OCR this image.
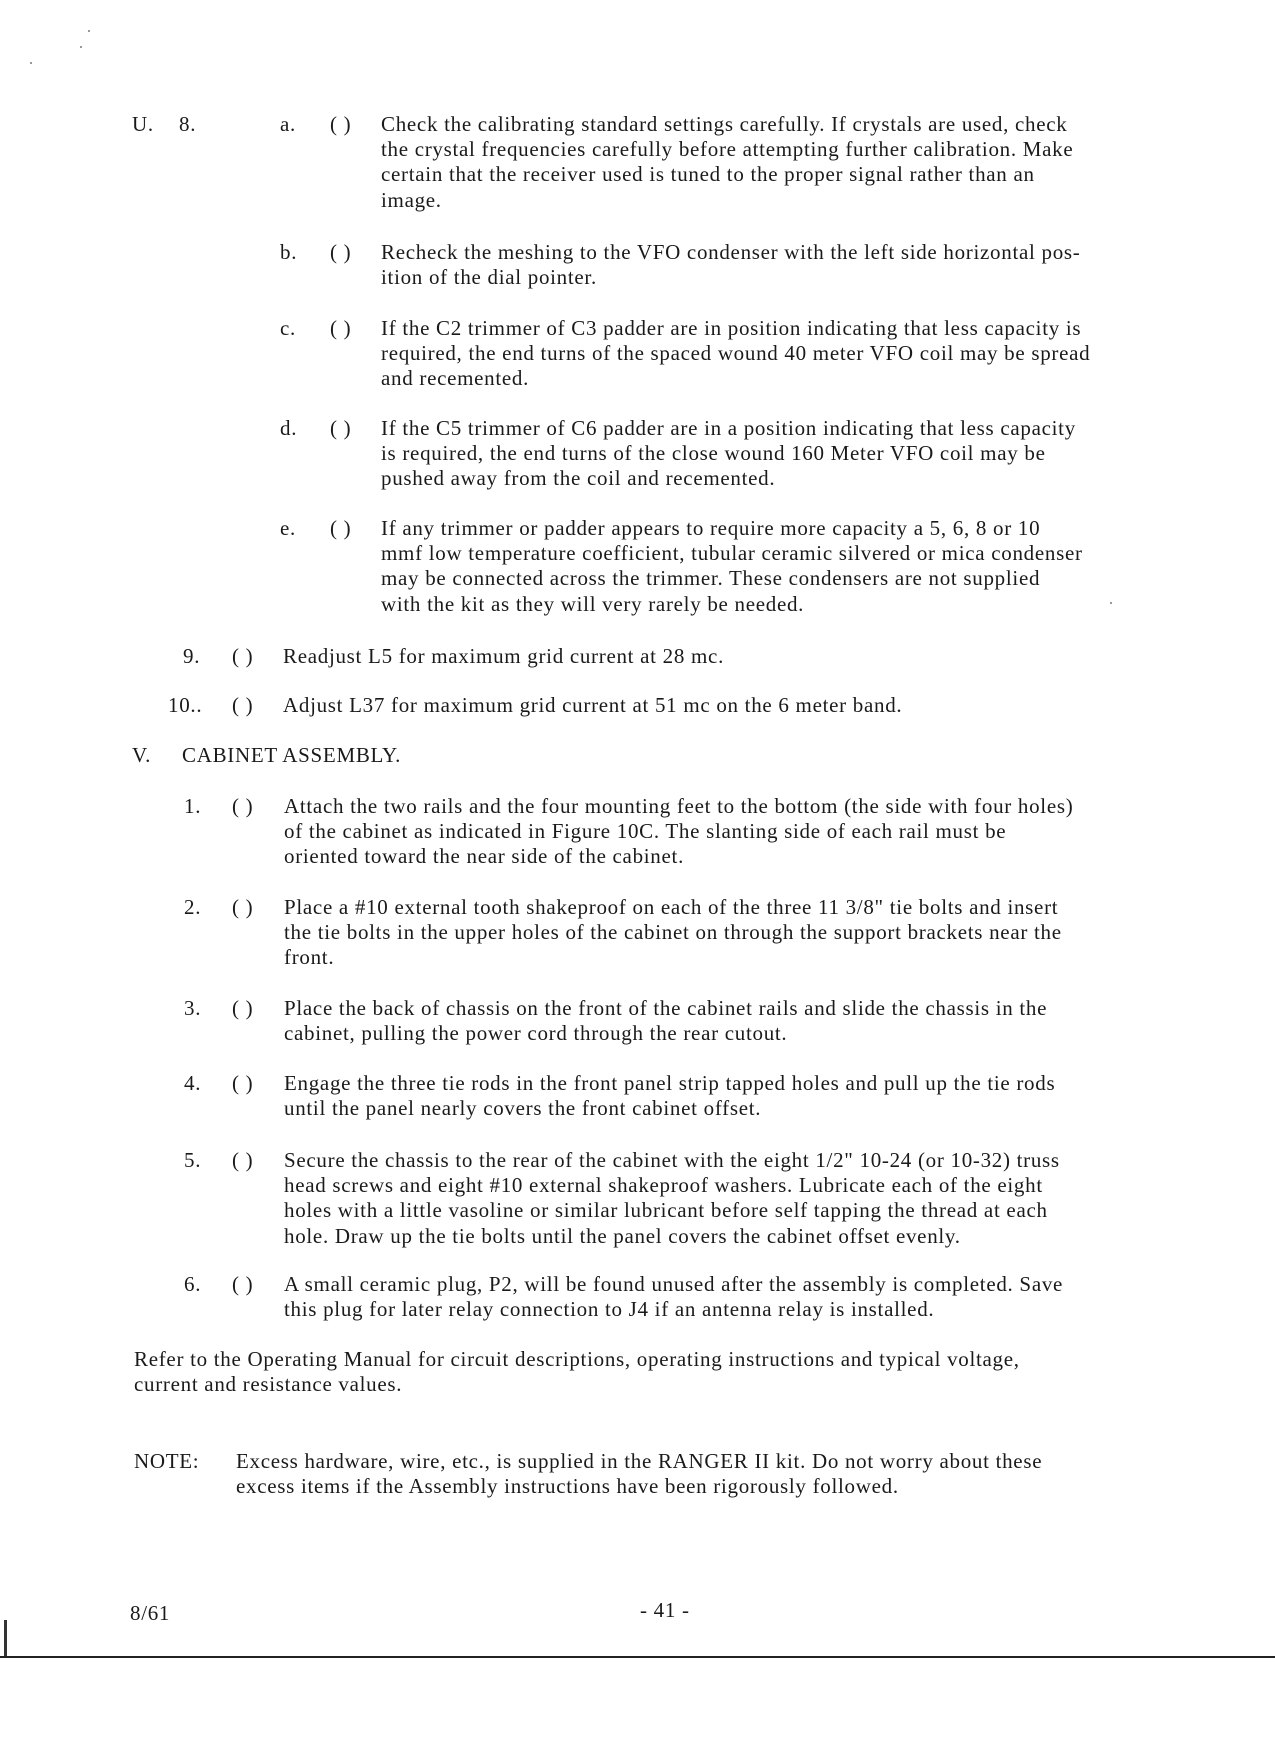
U. 8.	a. ( ) Check the calibrating standard settings carefully. If crystals are used, check
the crystal frequencies carefully before attempting further calibration. Make
certain that the receiver used is tuned to the proper signal rather than an
image.
b. ( ) Recheck the meshing to the VFO condenser with the left side horizontal pos-
ition of the dial pointer.
c. ( ) If the C2 trimmer of C3 padder are in position indicating that less capacity is
required, the end turns of the spaced wound 40 meter VFO coil may be spread
and recemented.
d. ( ) If the C5 trimmer of C6 padder are in a position indicating that less capacity
is required, the end turns of the close wound 160 Meter VFO coil may be
pushed away from the coil and recemented.
e. ( ) If any trimmer or padder appears to require more capacity a 5, 6, 8 or 10
mmf low temperature coefficient, tubular ceramic silvered or mica condenser
may be connected across the trimmer. These condensers are not supplied
with the kit as they will very rarely be needed.
9. ( ) Readjust L5 for maximum grid current at 28 mc.
10.. ( ) Adjust L37 for maximum grid current at 51 mc on the 6 meter band.
V. CABINET ASSEMBLY.
1. ( ) Attach the two rails and the four mounting feet to the bottom (the side with four holes)
of the cabinet as indicated in Figure 10C. The slanting side of each rail must be
oriented toward the near side of the cabinet.
2. ( ) Place a #10 external tooth shakeproof on each of the three 11 3/8" tie bolts and insert
the tie bolts in the upper holes of the cabinet on through the support brackets near the
front.
3. ( ) Place the back of chassis on the front of the cabinet rails and slide the chassis in the
cabinet, pulling the power cord through the rear cutout.
4. ( ) Engage the three tie rods in the front panel strip tapped holes and pull up the tie rods
until the panel nearly covers the front cabinet offset.
5. ( ) Secure the chassis to the rear of the cabinet with the eight 1/2" 10-24 (or 10-32) truss
head screws and eight #10 external shakeproof washers. Lubricate each of the eight
holes with a little vasoline or similar lubricant before self tapping the thread at each
hole. Draw up the tie bolts until the panel covers the cabinet offset evenly.
6. ( ) A small ceramic plug, P2, will be found unused after the assembly is completed. Save
this plug for later relay connection to J4 if an antenna relay is installed.
Refer to the Operating Manual for circuit descriptions, operating instructions and typical voltage,
current and resistance values.
NOTE: Excess hardware, wire, etc., is supplied in the RANGER II kit. Do not worry about these
excess items if the Assembly instructions have been rigorously followed.
8/61	- 41 -
